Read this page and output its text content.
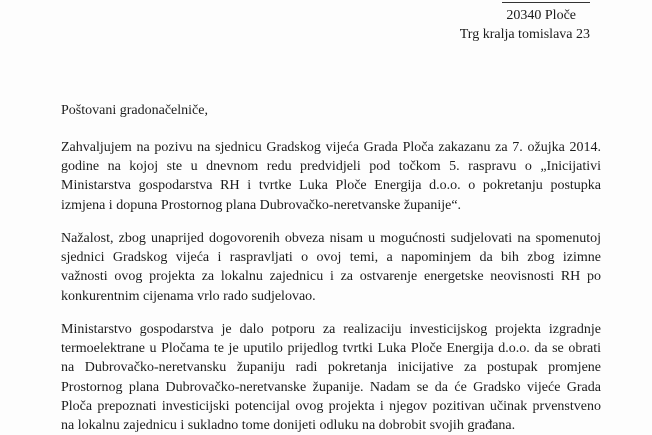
20340 Ploče
Trg kralja tomislava 23
Poštovani gradonačelniče,
Zahvaljujem na pozivu na sjednicu Gradskog vijeća Grada Ploča zakazanu za 7. ožujka 2014.
godine na kojoj ste u dnevnom redu predvidjeli pod točkom 5. raspravu o „Inicijativi
Ministarstva gospodarstva RH i tvrtke Luka Ploče Energija d.o.o. o pokretanju postupka
izmjena i dopuna Prostornog plana Dubrovačko-neretvanske županije“.
Nažalost, zbog unaprijed dogovorenih obveza nisam u mogućnosti sudjelovati na spomenutoj
sjednici Gradskog vijeća i raspravljati o ovoj temi, a napominjem da bih zbog izimne
važnosti ovog projekta za lokalnu zajednicu i za ostvarenje energetske neovisnosti RH po
konkurentnim cijenama vrlo rado sudjelovao.
Ministarstvo gospodarstva je dalo potporu za realizaciju investicijskog projekta izgradnje
termoelektrane u Pločama te je uputilo prijedlog tvrtki Luka Ploče Energija d.o.o. da se obrati
na Dubrovačko-neretvansku županiju radi pokretanja inicijative za postupak promjene
Prostornog plana Dubrovačko-neretvanske županije. Nadam se da će Gradsko vijeće Grada
Ploča prepoznati investicijski potencijal ovog projekta i njegov pozitivan učinak prvenstveno
na lokalnu zajednicu i sukladno tome donijeti odluku na dobrobit svojih građana.
